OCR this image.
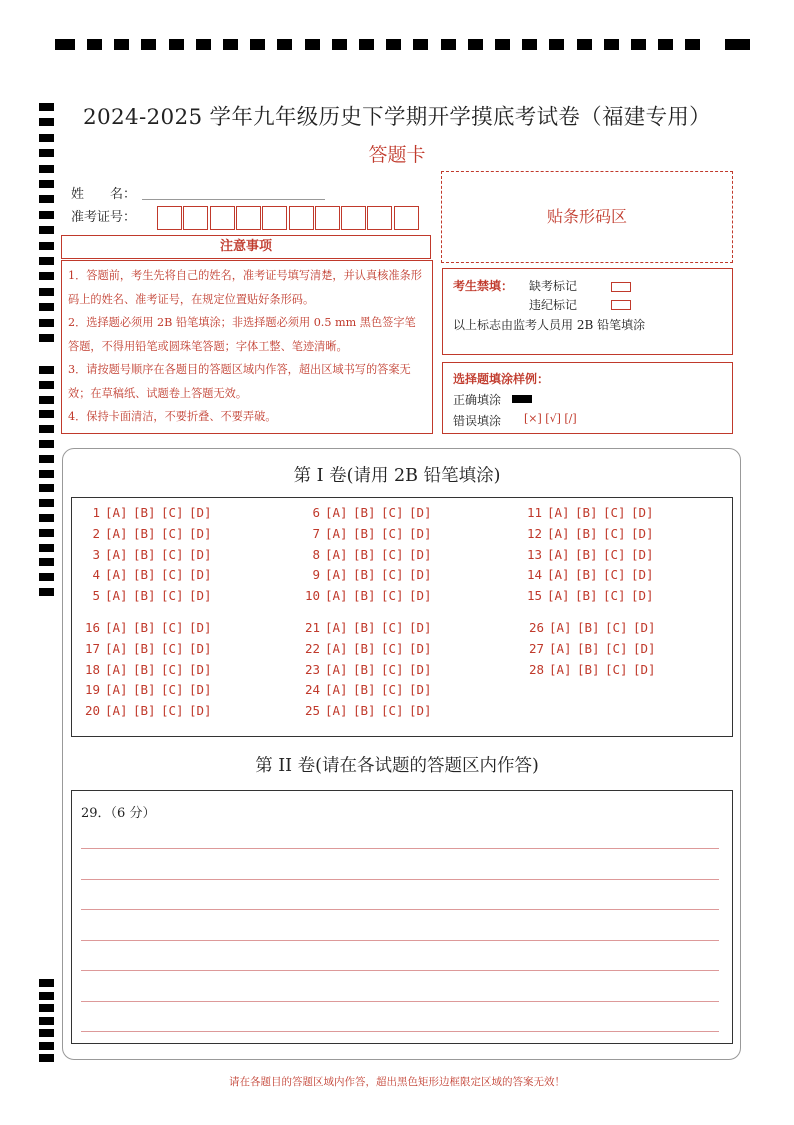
2024-2025 学年九年级历史下学期开学摸底考试卷（福建专用）
答题卡
姓　　名：
准考证号：	贴条形码区
注意事项

1．答题前，考生先将自己的姓名，准考证号填写清楚，并认真核准条形码上的姓名、准考证号，在规定位置贴好条形码。

2．选择题必须用 2B 铅笔填涂；非选择题必须用 0.5 mm 黑色签字笔答题，不得用铅笔或圆珠笔答题；字体工整、笔迹清晰。

3．请按题号顺序在各题目的答题区域内作答，超出区域书写的答案无效；在草稿纸、试题卷上答题无效。

4．保持卡面清洁，不要折叠、不要弄破。

考生禁填： 缺考标记
违纪标记
以上标志由监考人员用 2B 铅笔填涂
选择题填涂样例：
正确填涂
错误填涂 [×] [√] [/]
第 I 卷(请用 2B 铅笔填涂)
1 [A] [B] [C] [D]
2 [A] [B] [C] [D]
3 [A] [B] [C] [D]
4 [A] [B] [C] [D]
5 [A] [B] [C] [D]
6 [A] [B] [C] [D]
7 [A] [B] [C] [D]
8 [A] [B] [C] [D]
9 [A] [B] [C] [D]
10 [A] [B] [C] [D]
11 [A] [B] [C] [D]
12 [A] [B] [C] [D]
13 [A] [B] [C] [D]
14 [A] [B] [C] [D]
15 [A] [B] [C] [D]
16 [A] [B] [C] [D]
17 [A] [B] [C] [D]
18 [A] [B] [C] [D]
19 [A] [B] [C] [D]
20 [A] [B] [C] [D]
21 [A] [B] [C] [D]
22 [A] [B] [C] [D]
23 [A] [B] [C] [D]
24 [A] [B] [C] [D]
25 [A] [B] [C] [D]
26 [A] [B] [C] [D]
27 [A] [B] [C] [D]
28 [A] [B] [C] [D]
第 II 卷(请在各试题的答题区内作答)
29．（6 分）
请在各题目的答题区域内作答，超出黑色矩形边框限定区域的答案无效！
